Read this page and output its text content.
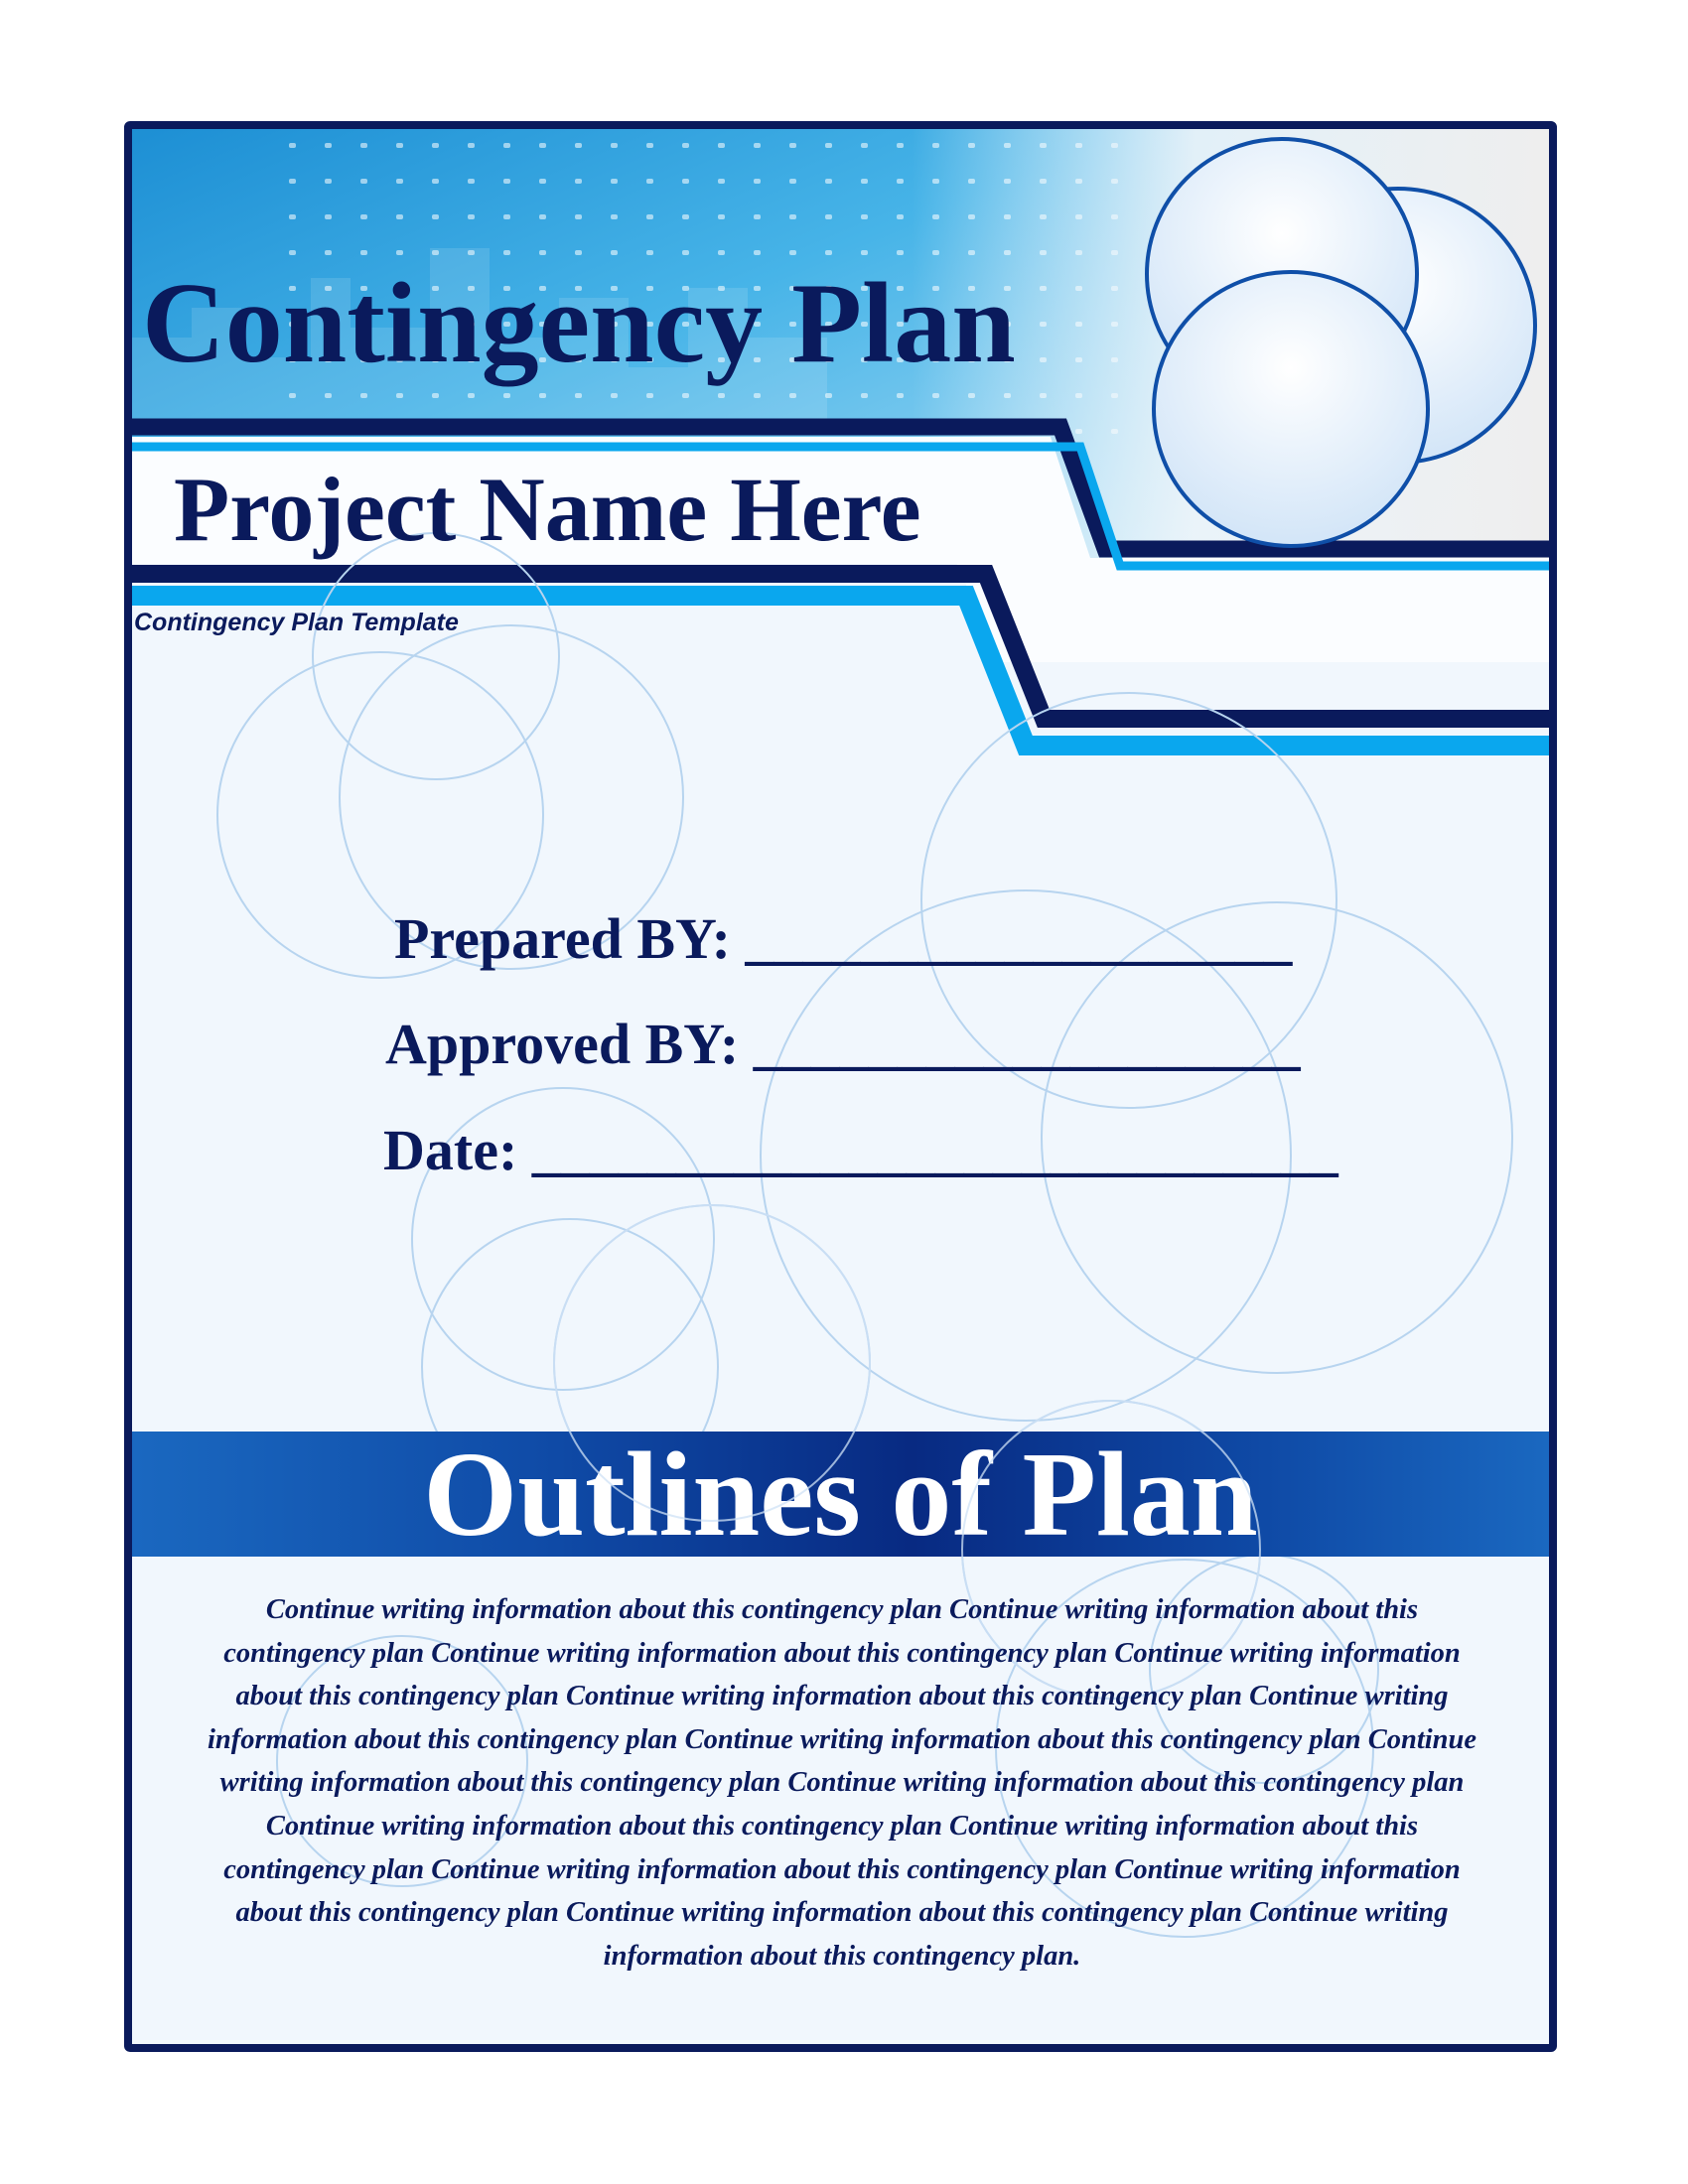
Contingency Plan
Project Name Here
Contingency Plan Template
Prepared BY: ___________________
Approved BY: ___________________
Date: ____________________________
Outlines of Plan
Continue writing information about this contingency plan Continue writing information about this contingency plan Continue writing information about this contingency plan Continue writing information about this contingency plan Continue writing information about this contingency plan Continue writing information about this contingency plan Continue writing information about this contingency plan Continue writing information about this contingency plan Continue writing information about this contingency plan Continue writing information about this contingency plan Continue writing information about this contingency plan Continue writing information about this contingency plan Continue writing information about this contingency plan Continue writing information about this contingency plan Continue writing information about this contingency plan.
